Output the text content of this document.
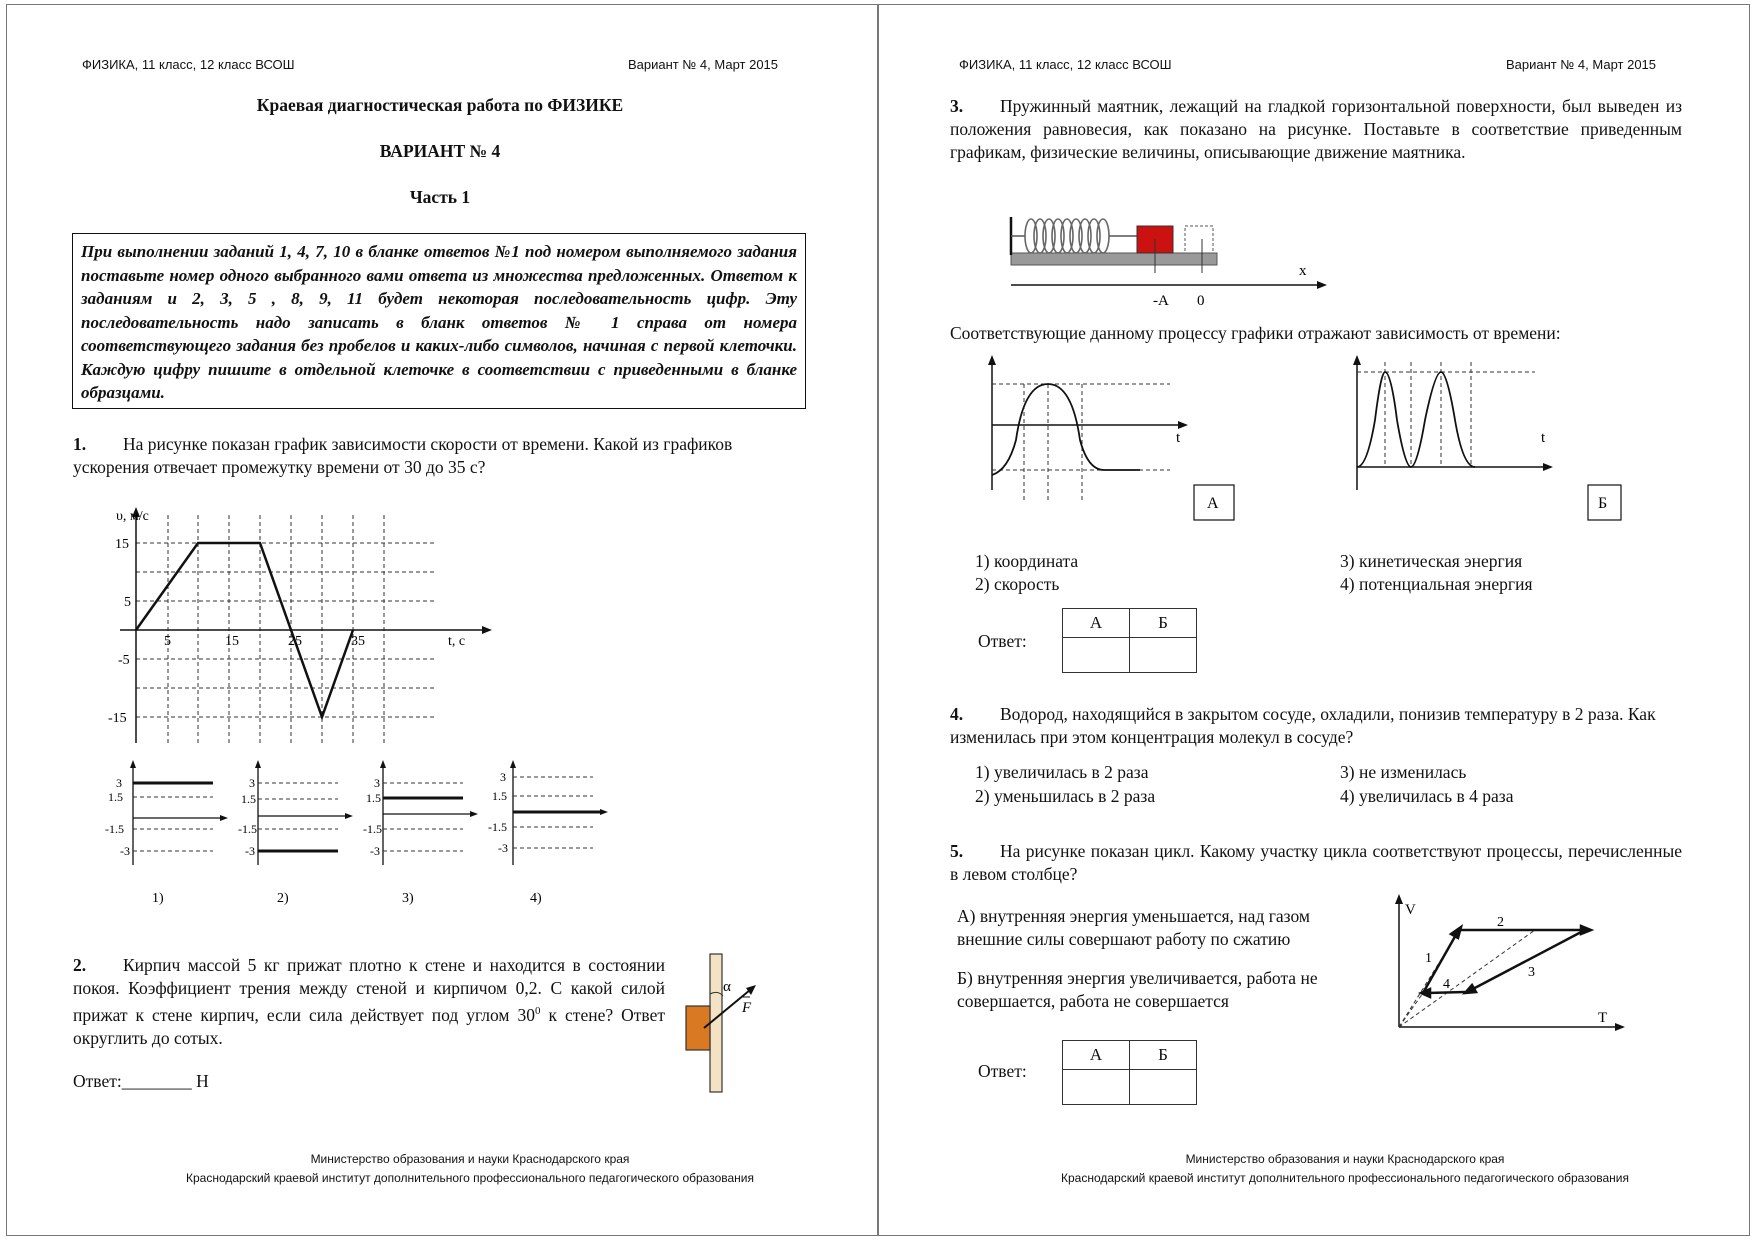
ФИЗИКА, 11 класс, 12 класс ВСОШ	Вариант № 4, Март 2015
Краевая диагностическая работа по ФИЗИКЕ
ВАРИАНТ № 4
Часть 1
При выполнении заданий 1, 4, 7, 10 в бланке ответов №1 под номером выполняемого задания поставьте номер одного выбранного вами ответа из множества предложенных. Ответом к заданиям и 2, 3, 5 , 8, 9, 11 будет некоторая последовательность цифр. Эту последовательность надо записать в бланк ответов № 1 справа от номера соответствующего задания без пробелов и каких-либо символов, начиная с первой клеточки. Каждую цифру пишите в отдельной клеточке в соответствии с приведенными в бланке образцами.
1.	На рисунке показан график зависимости скорости от времени. Какой из графиков ускорения отвечает промежутку времени от 30 до 35 с?
υ, м/с
t, с
15
5
-5
-15
5	15	25	35
3
1.5
-1.5
-3
1)
3
1.5
-1.5
-3
2)
3
1.5
-1.5
-3
3)
3
1.5
-1.5
-3
4)
2.	Кирпич массой 5 кг прижат плотно к стене и находится в состоянии покоя. Коэффициент трения между стеной и кирпичом 0,2. С какой силой прижат к стене кирпич, если сила действует под углом $30^0$ к стене? Ответ округлить до сотых.
α
F
Ответ:________ Н
Министерство образования и науки Краснодарского края
Краснодарский краевой институт дополнительного профессионального педагогического образования
ФИЗИКА, 11 класс, 12 класс ВСОШ	Вариант № 4, Март 2015
3.	Пружинный маятник, лежащий на гладкой горизонтальной поверхности, был выведен из положения равновесия, как показано на рисунке. Поставьте в соответствие приведенным графикам, физические величины, описывающие движение маятника.
x
-A 0
Соответствующие данному процессу графики отражают зависимость от времени:
t
А
t
Б
1) координата
2) скорость
3) кинетическая энергия
4) потенциальная энергия
Ответ:
А	Б

4.	Водород, находящийся в закрытом сосуде, охладили, понизив температуру в 2 раза. Как изменилась при этом концентрация молекул в сосуде?
1) увеличилась в 2 раза
2) уменьшилась в 2 раза
3) не изменилась
4) увеличилась в 4 раза
5.	На рисунке показан цикл. Какому участку цикла соответствуют процессы, перечисленные в левом столбце?
А) внутренняя энергия уменьшается, над газом внешние силы совершают работу по сжатию
Б) внутренняя энергия увеличивается, работа не совершается, работа не совершается
V
T
1
2
3
4
Ответ:
А	Б

Министерство образования и науки Краснодарского края
Краснодарский краевой институт дополнительного профессионального педагогического образования
